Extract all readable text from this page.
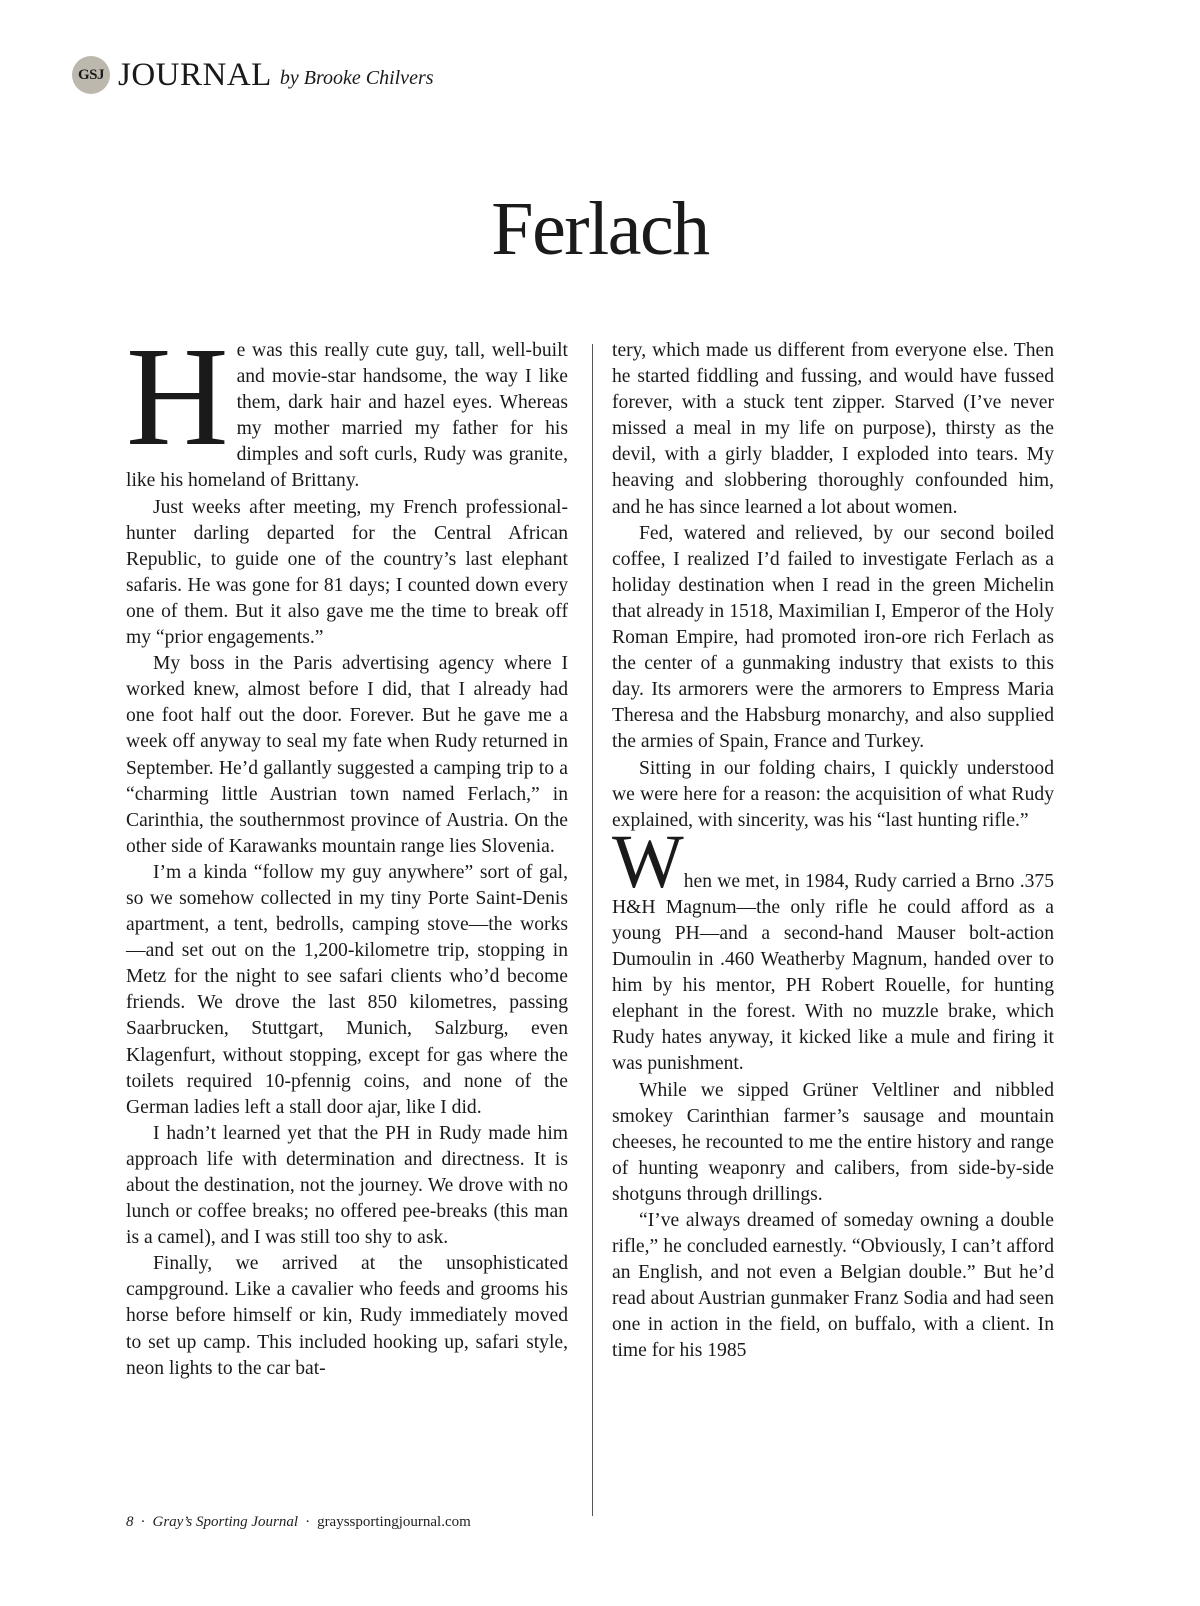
GSJ JOURNAL by Brooke Chilvers
Ferlach

He was this really cute guy, tall, well-built and movie-star handsome, the way I like them, dark hair and hazel eyes. Whereas my mother married my father for his dimples and soft curls, Rudy was granite, like his homeland of Brittany.

Just weeks after meeting, my French professional-hunter darling departed for the Central African Republic, to guide one of the country’s last elephant safaris. He was gone for 81 days; I counted down every one of them. But it also gave me the time to break off my “prior engagements.”

My boss in the Paris advertising agency where I worked knew, almost before I did, that I already had one foot half out the door. Forever. But he gave me a week off anyway to seal my fate when Rudy returned in September. He’d gallantly suggested a camping trip to a “charming little Austrian town named Ferlach,” in Carinthia, the southernmost province of Austria. On the other side of Karawanks mountain range lies Slovenia.

I’m a kinda “follow my guy anywhere” sort of gal, so we somehow collected in my tiny Porte Saint-Denis apartment, a tent, bedrolls, camping stove—the works—and set out on the 1,200-kilometre trip, stopping in Metz for the night to see safari clients who’d become friends. We drove the last 850 kilometres, passing Saarbrucken, Stuttgart, Munich, Salzburg, even Klagenfurt, without stopping, except for gas where the toilets required 10-pfennig coins, and none of the German ladies left a stall door ajar, like I did.

I hadn’t learned yet that the PH in Rudy made him approach life with determination and directness. It is about the destination, not the journey. We drove with no lunch or coffee breaks; no offered pee-breaks (this man is a camel), and I was still too shy to ask.

Finally, we arrived at the unsophisticated campground. Like a cavalier who feeds and grooms his horse before himself or kin, Rudy immediately moved to set up camp. This included hooking up, safari style, neon lights to the car bat-

tery, which made us different from everyone else. Then he started fiddling and fussing, and would have fussed forever, with a stuck tent zipper. Starved (I’ve never missed a meal in my life on purpose), thirsty as the devil, with a girly bladder, I exploded into tears. My heaving and slobbering thoroughly confounded him, and he has since learned a lot about women.

Fed, watered and relieved, by our second boiled coffee, I realized I’d failed to investigate Ferlach as a holiday destination when I read in the green Michelin that already in 1518, Maximilian I, Emperor of the Holy Roman Empire, had promoted iron-ore rich Ferlach as the center of a gunmaking industry that exists to this day. Its armorers were the armorers to Empress Maria Theresa and the Habsburg monarchy, and also supplied the armies of Spain, France and Turkey.

Sitting in our folding chairs, I quickly understood we were here for a reason: the acquisition of what Rudy explained, with sincerity, was his “last hunting rifle.”

When we met, in 1984, Rudy carried a Brno .375 H&H Magnum—the only rifle he could afford as a young PH—and a second-hand Mauser bolt-action Dumoulin in .460 Weatherby Magnum, handed over to him by his mentor, PH Robert Rouelle, for hunting elephant in the forest. With no muzzle brake, which Rudy hates anyway, it kicked like a mule and firing it was punishment.

While we sipped Grüner Veltliner and nibbled smokey Carinthian farmer’s sausage and mountain cheeses, he recounted to me the entire history and range of hunting weaponry and calibers, from side-by-side shotguns through drillings.

“I’ve always dreamed of someday owning a double rifle,” he concluded earnestly. “Obviously, I can’t afford an English, and not even a Belgian double.” But he’d read about Austrian gunmaker Franz Sodia and had seen one in action in the field, on buffalo, with a client. In time for his 1985

8 · Gray’s Sporting Journal · grayssportingjournal.com
